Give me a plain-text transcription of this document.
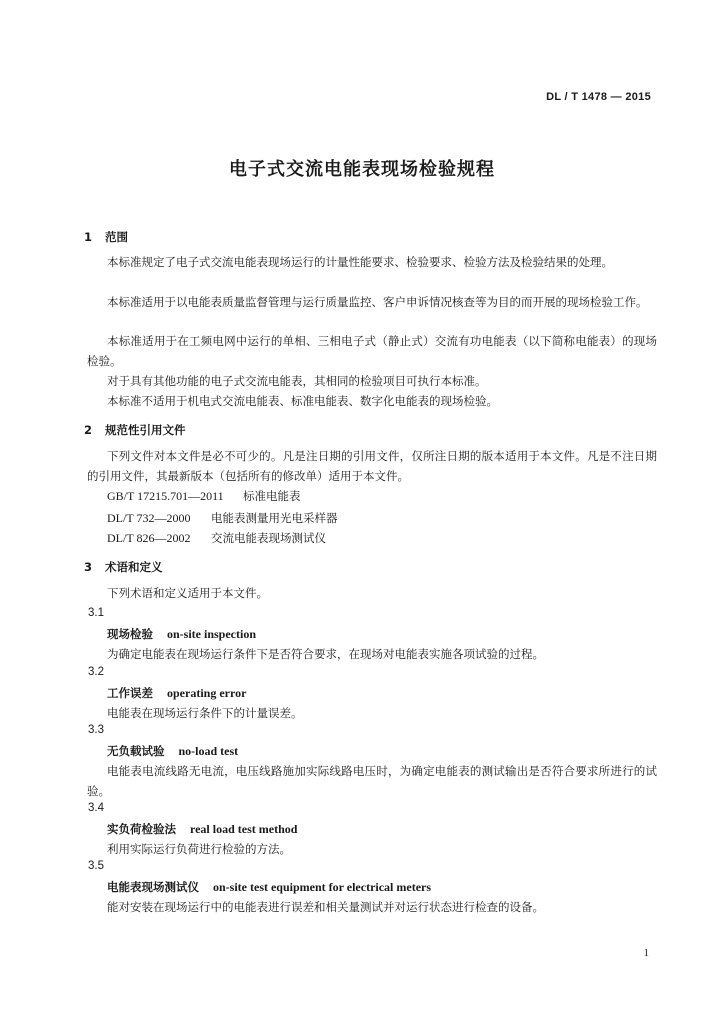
DL / T 1478 — 2015
电子式交流电能表现场检验规程
1 范围
本标准规定了电子式交流电能表现场运行的计量性能要求、检验要求、检验方法及检验结果的处理。
本标准适用于以电能表质量监督管理与运行质量监控、客户申诉情况核查等为目的而开展的现场检验工作。
本标准适用于在工频电网中运行的单相、三相电子式（静止式）交流有功电能表（以下简称电能表）的现场检验。
对于具有其他功能的电子式交流电能表，其相同的检验项目可执行本标准。
本标准不适用于机电式交流电能表、标准电能表、数字化电能表的现场检验。
2 规范性引用文件
下列文件对本文件是必不可少的。凡是注日期的引用文件，仅所注日期的版本适用于本文件。凡是不注日期的引用文件，其最新版本（包括所有的修改单）适用于本文件。
GB/T 17215.701—2011 标准电能表
DL/T 732—2000 电能表测量用光电采样器
DL/T 826—2002 交流电能表现场测试仪
3 术语和定义
下列术语和定义适用于本文件。
3.1
现场检验 on-site inspection
为确定电能表在现场运行条件下是否符合要求，在现场对电能表实施各项试验的过程。
3.2
工作误差 operating error
电能表在现场运行条件下的计量误差。
3.3
无负载试验 no-load test
电能表电流线路无电流，电压线路施加实际线路电压时，为确定电能表的测试输出是否符合要求所进行的试验。
3.4
实负荷检验法 real load test method
利用实际运行负荷进行检验的方法。
3.5
电能表现场测试仪 on-site test equipment for electrical meters
能对安装在现场运行中的电能表进行误差和相关量测试并对运行状态进行检查的设备。
1
